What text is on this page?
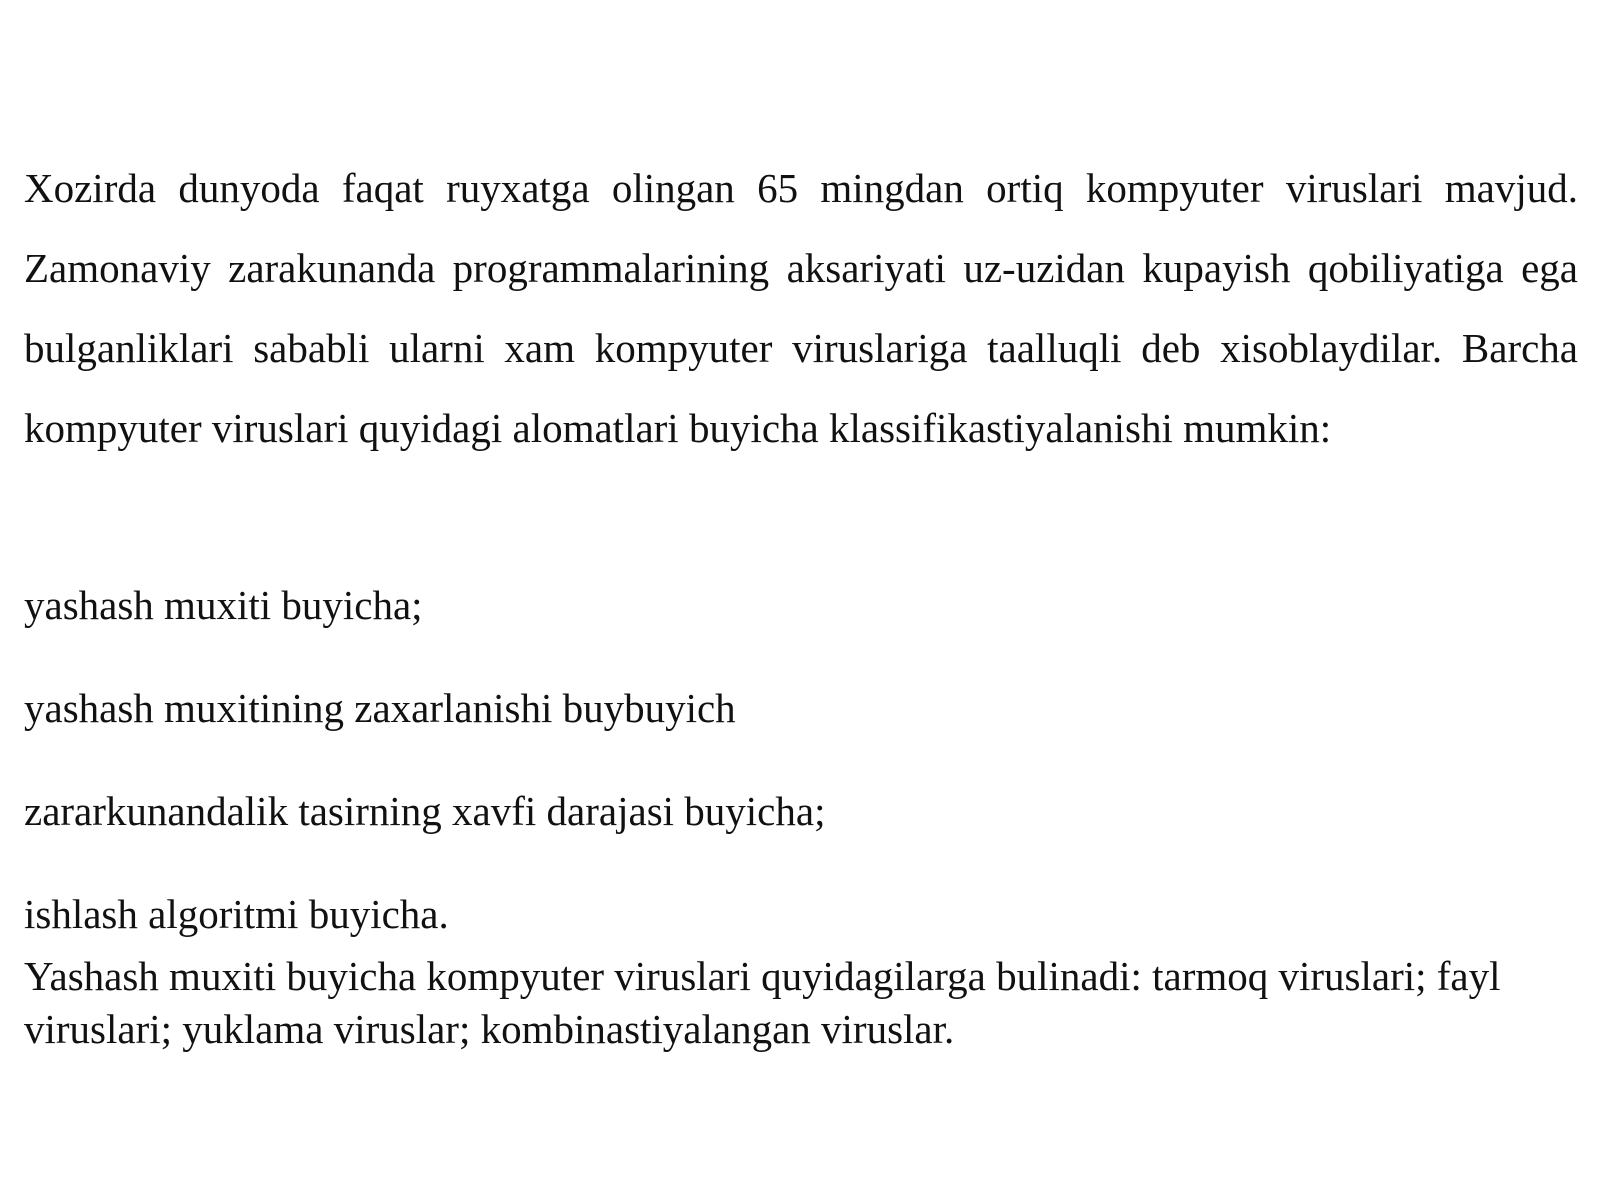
Xozirda dunyoda faqat ruyxatga olingan 65 mingdan ortiq kompyuter viruslari mavjud. Zamonaviy zarakunanda programmalarining aksariyati uz-uzidan kupayish qobiliyatiga ega bulganliklari sababli ularni xam kompyuter viruslariga taalluqli deb xisoblaydilar. Barcha kompyuter viruslari quyidagi alomatlari buyicha klassifikastiyalanishi mumkin:

yashash muxiti buyicha;

yashash muxitining zaxarlanishi buybuyich

zararkunandalik tasirning xavfi darajasi buyicha;

ishlash algoritmi buyicha.

Yashash muxiti buyicha kompyuter viruslari quyidagilarga bulinadi: tarmoq viruslari; fayl viruslari; yuklama viruslar; kombinastiyalangan viruslar.
